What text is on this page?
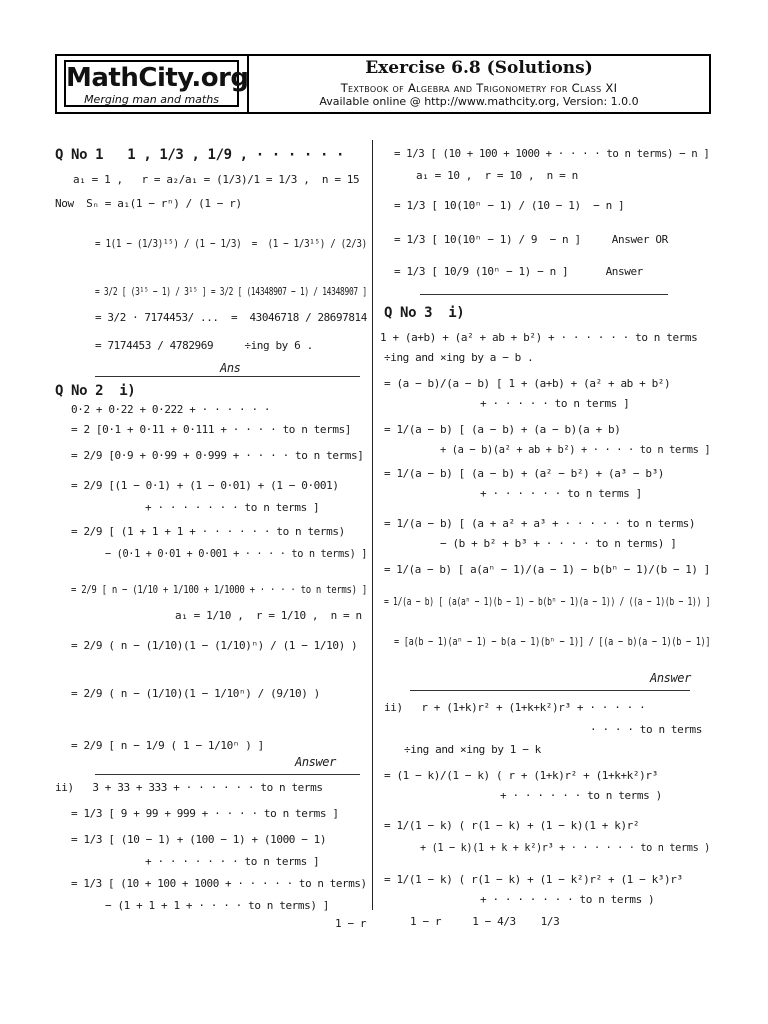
MathCity.org
Merging man and maths
Exercise 6.8 (Solutions)
Textbook of Algebra and Trigonometry for Class XI
Available online @ http://www.mathcity.org, Version: 1.0.0
Q No 1   1 , 1/3 , 1/9 , · · · · · ·
a₁ = 1 ,   r = a₂/a₁ = (1/3)/1 = 1/3 ,  n = 15
Now  Sₙ = a₁(1 − rⁿ) / (1 − r)
= 1(1 − (1/3)¹⁵) / (1 − 1/3)  =  (1 − 1/3¹⁵) / (2/3)
= 3/2 [ (3¹⁵ − 1) / 3¹⁵ ] = 3/2 [ (14348907 − 1) / 14348907 ]
= 3/2 · 7174453/ ...  =  43046718 / 28697814
= 7174453 / 4782969     ÷ing by 6 .
Ans
Q No 2  i)
0·2 + 0·22 + 0·222 + · · · · · ·
= 2 [0·1 + 0·11 + 0·111 + · · · · to n terms]
= 2/9 [0·9 + 0·99 + 0·999 + · · · · to n terms]
= 2/9 [(1 − 0·1) + (1 − 0·01) + (1 − 0·001)
+ · · · · · · · to n terms ]
= 2/9 [ (1 + 1 + 1 + · · · · · · to n terms)
− (0·1 + 0·01 + 0·001 + · · · · to n terms) ]
= 2/9 [ n − (1/10 + 1/100 + 1/1000 + · · · · to n terms) ]
a₁ = 1/10 ,  r = 1/10 ,  n = n
= 2/9 ( n − (1/10)(1 − (1/10)ⁿ) / (1 − 1/10) )
= 2/9 ( n − (1/10)(1 − 1/10ⁿ) / (9/10) )
= 2/9 [ n − 1/9 ( 1 − 1/10ⁿ ) ]
Answer
ii)   3 + 33 + 333 + · · · · · · to n terms
= 1/3 [ 9 + 99 + 999 + · · · · to n terms ]
= 1/3 [ (10 − 1) + (100 − 1) + (1000 − 1)
+ · · · · · · · to n terms ]
= 1/3 [ (10 + 100 + 1000 + · · · · · to n terms)
− (1 + 1 + 1 + · · · · to n terms) ]
1 − r
= 1/3 [ (10 + 100 + 1000 + · · · · to n terms) − n ]
a₁ = 10 ,  r = 10 ,  n = n
= 1/3 [ 10(10ⁿ − 1) / (10 − 1)  − n ]
= 1/3 [ 10(10ⁿ − 1) / 9  − n ]     Answer OR
= 1/3 [ 10/9 (10ⁿ − 1) − n ]      Answer
Q No 3  i)
1 + (a+b) + (a² + ab + b²) + · · · · · · to n terms
÷ing and ×ing by a − b .
= (a − b)/(a − b) [ 1 + (a+b) + (a² + ab + b²)
+ · · · · · to n terms ]
= 1/(a − b) [ (a − b) + (a − b)(a + b)
+ (a − b)(a² + ab + b²) + · · · · to n terms ]
= 1/(a − b) [ (a − b) + (a² − b²) + (a³ − b³)
+ · · · · · · to n terms ]
= 1/(a − b) [ (a + a² + a³ + · · · · · to n terms)
− (b + b² + b³ + · · · · to n terms) ]
= 1/(a − b) [ a(aⁿ − 1)/(a − 1) − b(bⁿ − 1)/(b − 1) ]
= 1/(a − b) [ (a(aⁿ − 1)(b − 1) − b(bⁿ − 1)(a − 1)) / ((a − 1)(b − 1)) ]
= [a(b − 1)(aⁿ − 1) − b(a − 1)(bⁿ − 1)] / [(a − b)(a − 1)(b − 1)]
Answer
ii)   r + (1+k)r² + (1+k+k²)r³ + · · · · ·
· · · · to n terms
÷ing and ×ing by 1 − k
= (1 − k)/(1 − k) ( r + (1+k)r² + (1+k+k²)r³
+ · · · · · · to n terms )
= 1/(1 − k) ( r(1 − k) + (1 − k)(1 + k)r²
+ (1 − k)(1 + k + k²)r³ + · · · · · · to n terms )
= 1/(1 − k) ( r(1 − k) + (1 − k²)r² + (1 − k³)r³
+ · · · · · · · to n terms )
1 − r     1 − 4/3    1/3
